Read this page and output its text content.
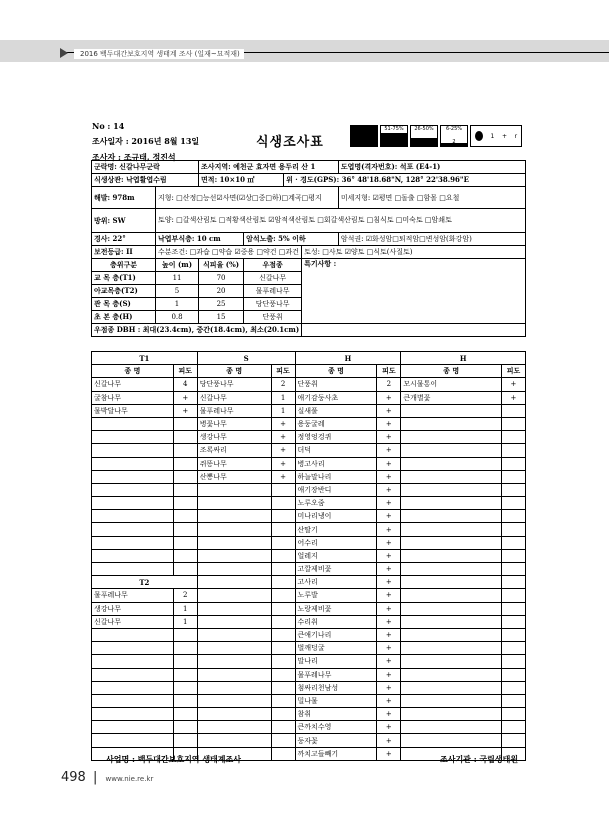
2016 백두대간보호지역 생태계 조사 (일재~묘적재)
No : 14
조사일자 : 2016년 8월 13일
조사자 : 조규태, 정진석
식생조사표
76-100%
5
51-75%
4
26-50%
3
6-25%
2
1 + r
군락명: 신갈나무군락		조사지역: 예천군 효자면 용두리 산 1				도엽명(격자번호): 석포 (E4-1)
식생상관: 낙엽활엽수림		면적: 10×10 ㎡		위 · 경도(GPS): 36° 48'18.68"N, 128° 22'38.96"E		
해발: 978m	지형: □산정□능선☑사면(☑상□중□하)□계곡□평지					미세지형: ☑평면 □돌출 □함몰 □요철
방위: SW	토양: □갈색산림토 □적황색산림토 ☑암적색산림토 □회갈색산림토 □침식토 □미숙토 □암쇄토					
경사: 22°	낙엽부식층: 10 cm		암석노출: 5% 이하			암석권: ☑화성암□퇴적암□변성암(화강암)
보전등급: II	수분조건: □과습 □약습 ☑중용 □약건 □과건				토성: □사토 ☑양토 □식토(사질토)	
층위구분	높이 (m)	식피율 (%)	우점종		특기사항 :	
교 목 층(T1)	11	70	신갈나무			
아교목층(T2)	5	20	물푸레나무			
관 목 층(S)	1	25	당단풍나무			
초 본 층(H)	0.8	15	단풍취			
우점종 DBH : 최대(23.4cm), 중간(18.4cm), 최소(20.1cm)						
T1		S		H		H	
종 명	피도	종 명	피도	종 명	피도	종 명	피도
신갈나무	4	당단풍나무	2	단풍취	2	모시물통이	+
굴참나무	+	신갈나무	1	애기감둥사초	+	큰개별꽃	+
물박달나무	+	물푸레나무	1	실새풀	+		
		병꽃나무	+	용둥굴레	+		
		생강나무	+	정영엉겅퀴	+		
		조록싸리	+	더덕	+		
		쥐똥나무	+	병고사리	+		
		산뽕나무	+	하늘말나리	+		
				애기장반디	+		
				노루오줌	+		
				미나리냉이	+		
				산딸기	+		
				어수리	+		
				얼레지	+		
				고깔제비꽃	+		
T2				고사리	+		
물푸레나무	2			노루발	+		
생강나무	1			노랑제비꽃	+		
신갈나무	1			수리취	+		
				큰애기나리	+		
				벌깨덩굴	+		
				말나리	+		
				물푸레나무	+		
				첨싸리천남성	+		
				밀나물	+		
				참취	+		
				큰까치수영	+		
				둥자꽃	+		
				까치고들빼기	+		
사업명 : 백두대간보호지역 생태계조사	조사기관 : 국립생태원
498 | www.nie.re.kr
